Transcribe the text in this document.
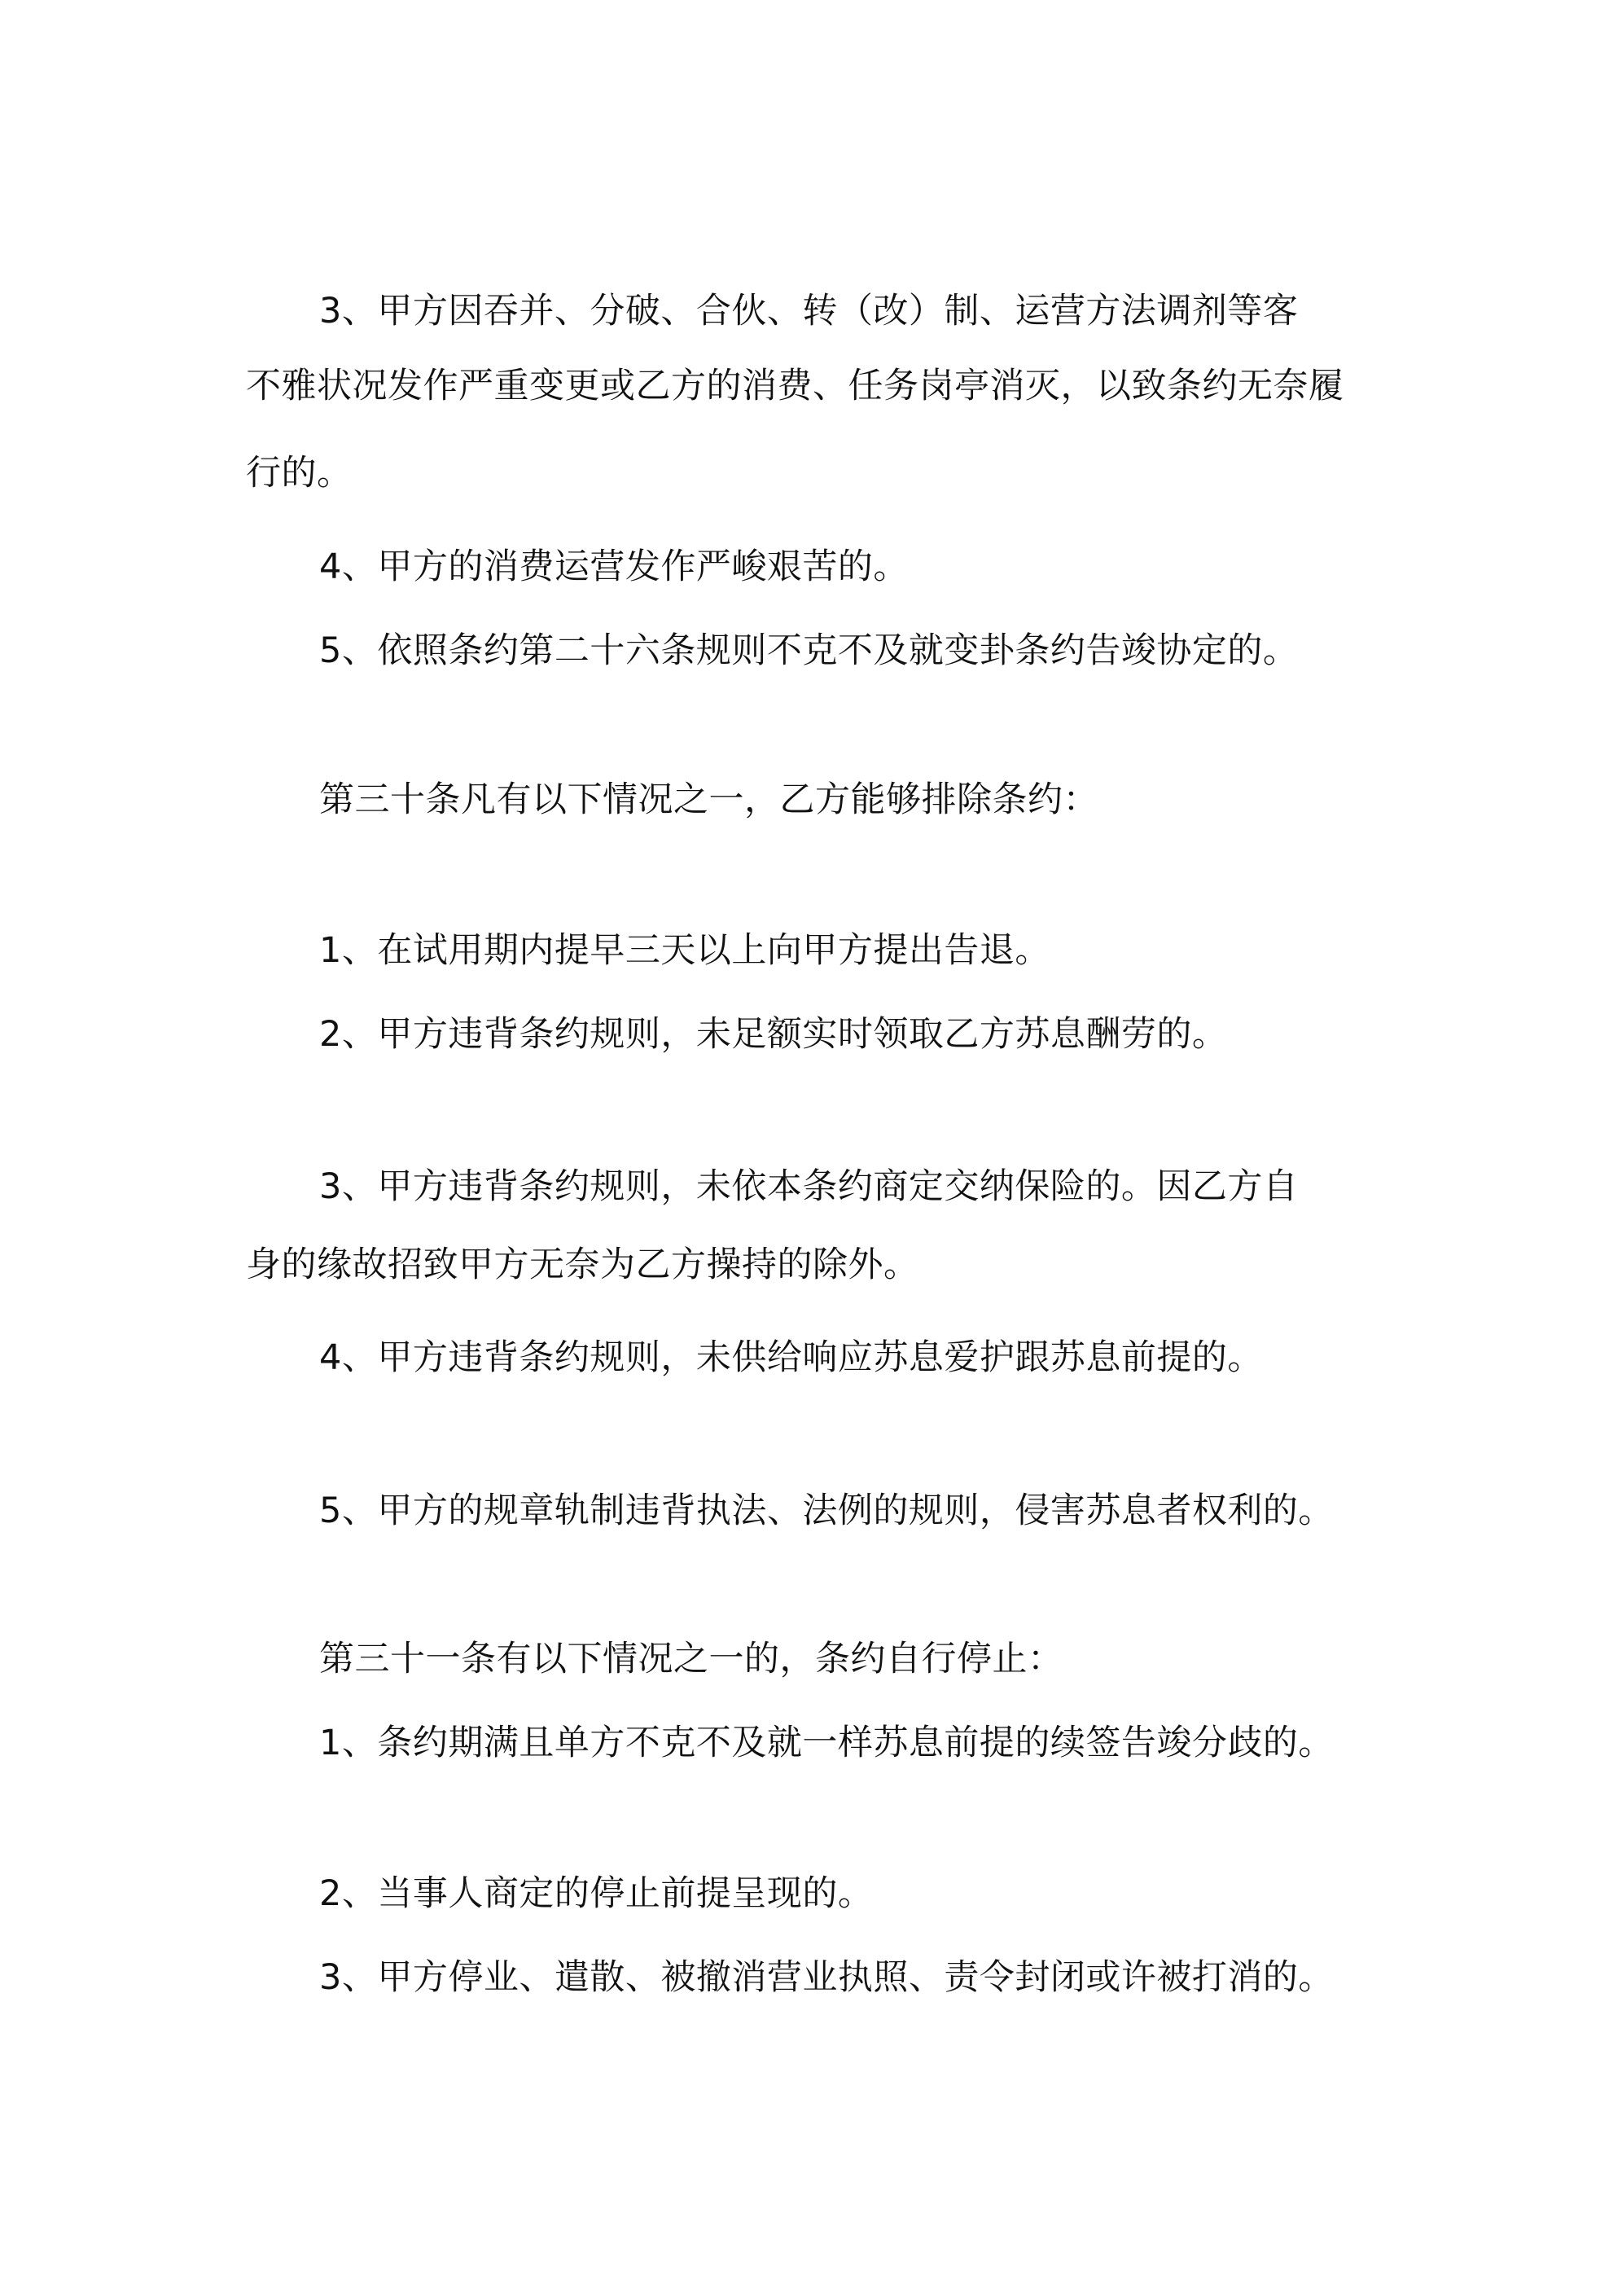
3、甲方因吞并、分破、合伙、转（改）制、运营方法调剂等客
不雅状况发作严重变更或乙方的消费、任务岗亭消灭，以致条约无奈履
行的。
4、甲方的消费运营发作严峻艰苦的。
5、依照条约第二十六条规则不克不及就变卦条约告竣协定的。
第三十条凡有以下情况之一，乙方能够排除条约：
1、在试用期内提早三天以上向甲方提出告退。
2、甲方违背条约规则，未足额实时领取乙方苏息酬劳的。
3、甲方违背条约规则，未依本条约商定交纳保险的。因乙方自
身的缘故招致甲方无奈为乙方操持的除外。
4、甲方违背条约规则，未供给响应苏息爱护跟苏息前提的。
5、甲方的规章轨制违背执法、法例的规则，侵害苏息者权利的。
第三十一条有以下情况之一的，条约自行停止：
1、条约期满且单方不克不及就一样苏息前提的续签告竣分歧的。
2、当事人商定的停止前提呈现的。
3、甲方停业、遣散、被撤消营业执照、责令封闭或许被打消的。
